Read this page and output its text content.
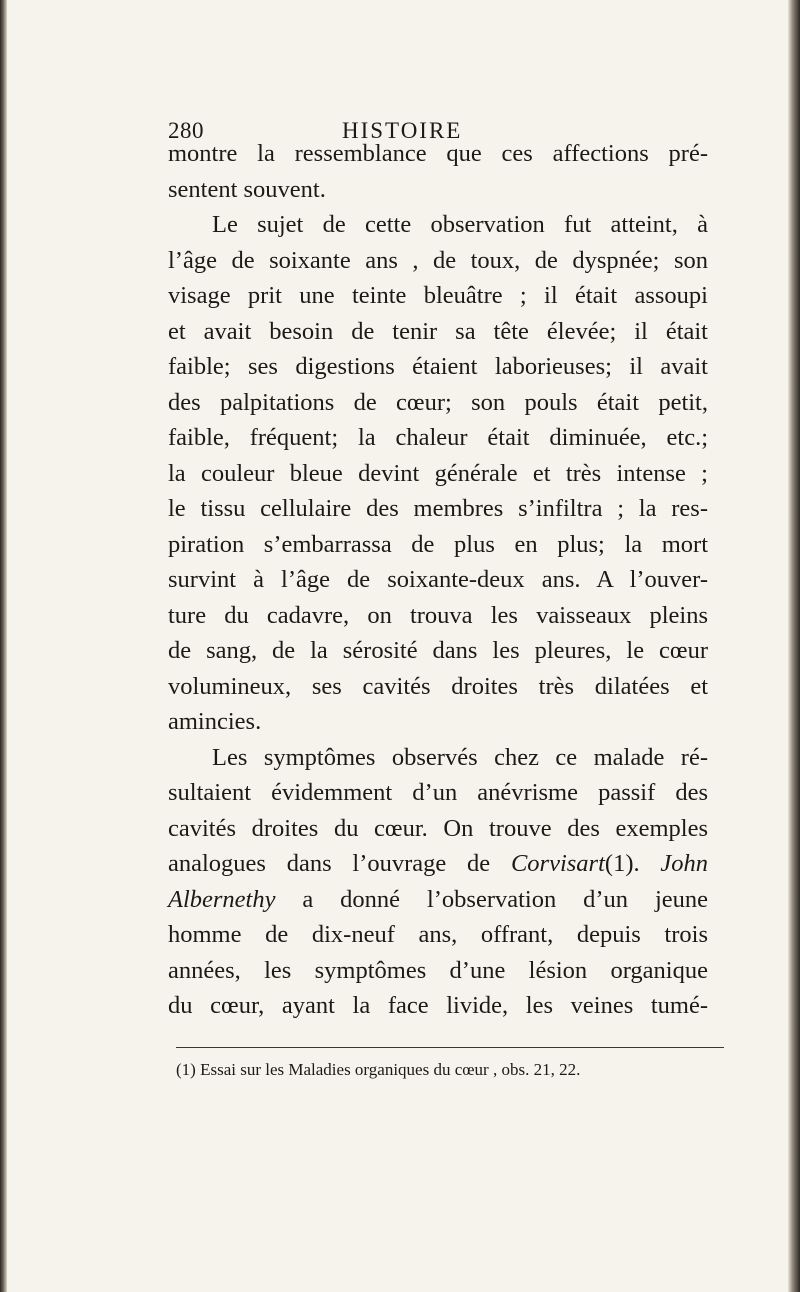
280	HISTOIRE
montre la ressemblance que ces affections pré-
sentent souvent.
Le sujet de cette observation fut atteint, à
l’âge de soixante ans , de toux, de dyspnée; son
visage prit une teinte bleuâtre ; il était assoupi
et avait besoin de tenir sa tête élevée; il était
faible; ses digestions étaient laborieuses; il avait
des palpitations de cœur; son pouls était petit,
faible, fréquent; la chaleur était diminuée, etc.;
la couleur bleue devint générale et très intense ;
le tissu cellulaire des membres s’infiltra ; la res-
piration s’embarrassa de plus en plus; la mort
survint à l’âge de soixante-deux ans. A l’ouver-
ture du cadavre, on trouva les vaisseaux pleins
de sang, de la sérosité dans les pleures, le cœur
volumineux, ses cavités droites très dilatées et
amincies.
Les symptômes observés chez ce malade ré-
sultaient évidemment d’un anévrisme passif des
cavités droites du cœur. On trouve des exemples
analogues dans l’ouvrage de Corvisart(1). John
Albernethy a donné l’observation d’un jeune
homme de dix-neuf ans, offrant, depuis trois
années, les symptômes d’une lésion organique
du cœur, ayant la face livide, les veines tumé-
(1) Essai sur les Maladies organiques du cœur , obs. 21, 22.
